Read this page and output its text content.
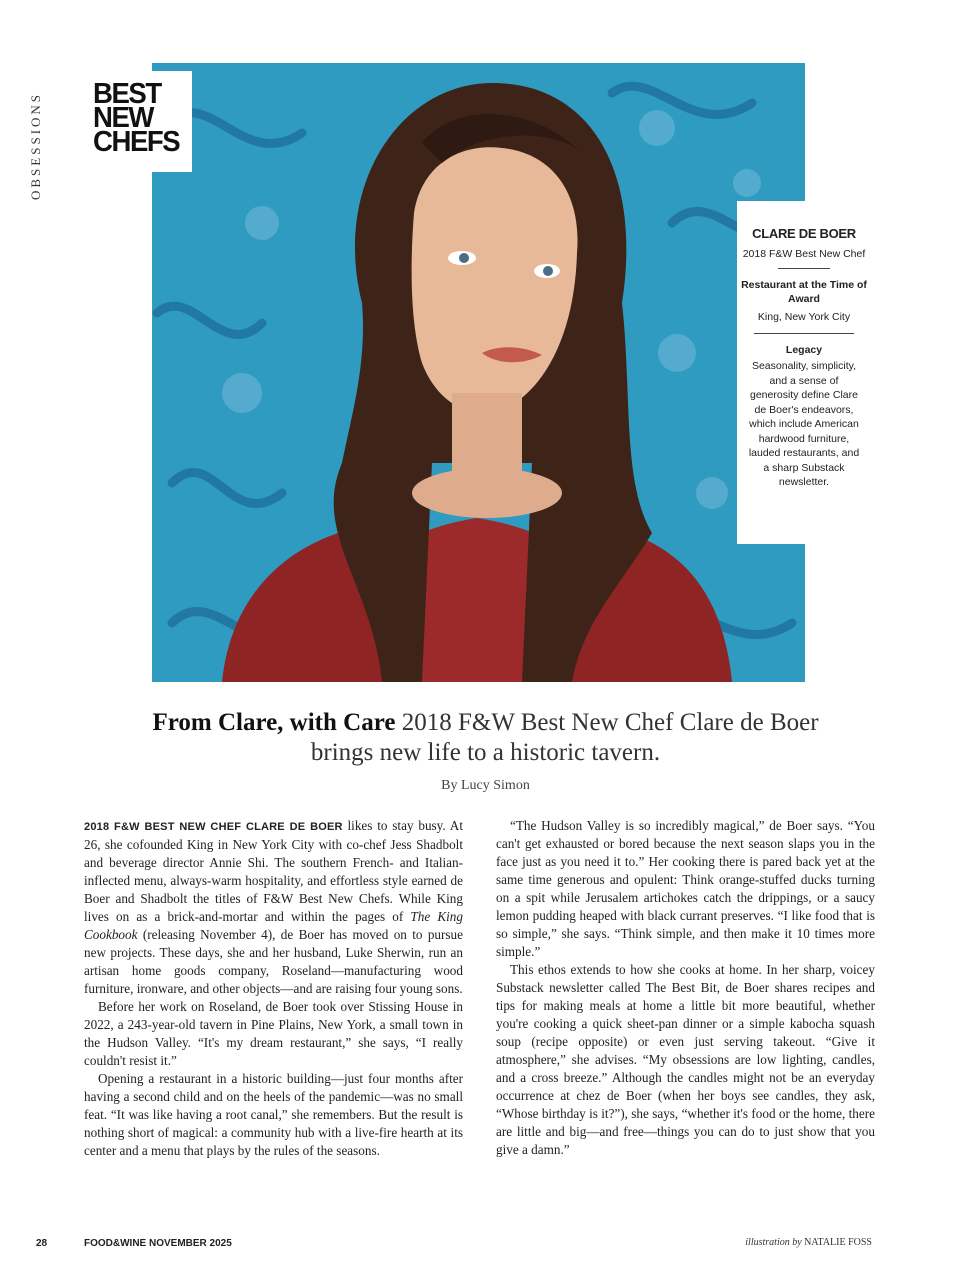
OBSESSIONS	BEST
NEW
CHEFS
CLARE DE BOER
2018 F&W Best New Chef
Restaurant at the Time of Award
King, New York City
Legacy
Seasonality, simplicity, and a sense of generosity define Clare de Boer's endeavors, which include American hardwood furniture, lauded restaurants, and a sharp Substack newsletter.
From Clare, with Care 2018 F&W Best New Chef Clare de Boer brings new life to a historic tavern.
By Lucy Simon

2018 F&W BEST NEW CHEF CLARE DE BOER likes to stay busy. At 26, she cofounded King in New York City with co-chef Jess Shadbolt and beverage director Annie Shi. The southern French- and Italian-inflected menu, always-warm hospitality, and effortless style earned de Boer and Shadbolt the titles of F&W Best New Chefs. While King lives on as a brick-and-mortar and within the pages of The King Cookbook (releasing November 4), de Boer has moved on to pursue new projects. These days, she and her husband, Luke Sherwin, run an artisan home goods company, Roseland—manufacturing wood furniture, ironware, and other objects—and are raising four young sons.

Before her work on Roseland, de Boer took over Stissing House in 2022, a 243-year-old tavern in Pine Plains, New York, a small town in the Hudson Valley. “It's my dream restaurant,” she says, “I really couldn't resist it.”

Opening a restaurant in a historic building—just four months after having a second child and on the heels of the pandemic—was no small feat. “It was like having a root canal,” she remembers. But the result is nothing short of magical: a community hub with a live-fire hearth at its center and a menu that plays by the rules of the seasons.

“The Hudson Valley is so incredibly magical,” de Boer says. “You can't get exhausted or bored because the next season slaps you in the face just as you need it to.” Her cooking there is pared back yet at the same time generous and opulent: Think orange-stuffed ducks turning on a spit while Jerusalem artichokes catch the drippings, or a saucy lemon pudding heaped with black currant preserves. “I like food that is so simple,” she says. “Think simple, and then make it 10 times more simple.”

This ethos extends to how she cooks at home. In her sharp, voicey Substack newsletter called The Best Bit, de Boer shares recipes and tips for making meals at home a little bit more beautiful, whether you're cooking a quick sheet-pan dinner or a simple kabocha squash soup (recipe opposite) or even just serving takeout. “Give it atmosphere,” she advises. “My obsessions are low lighting, candles, and a cross breeze.” Although the candles might not be an everyday occurrence at chez de Boer (when her boys see candles, they ask, “Whose birthday is it?”), she says, “whether it's food or the home, there are little and big—and free—things you can do to just show that you give a damn.”

28	FOOD&WINE NOVEMBER 2025	illustration by NATALIE FOSS
